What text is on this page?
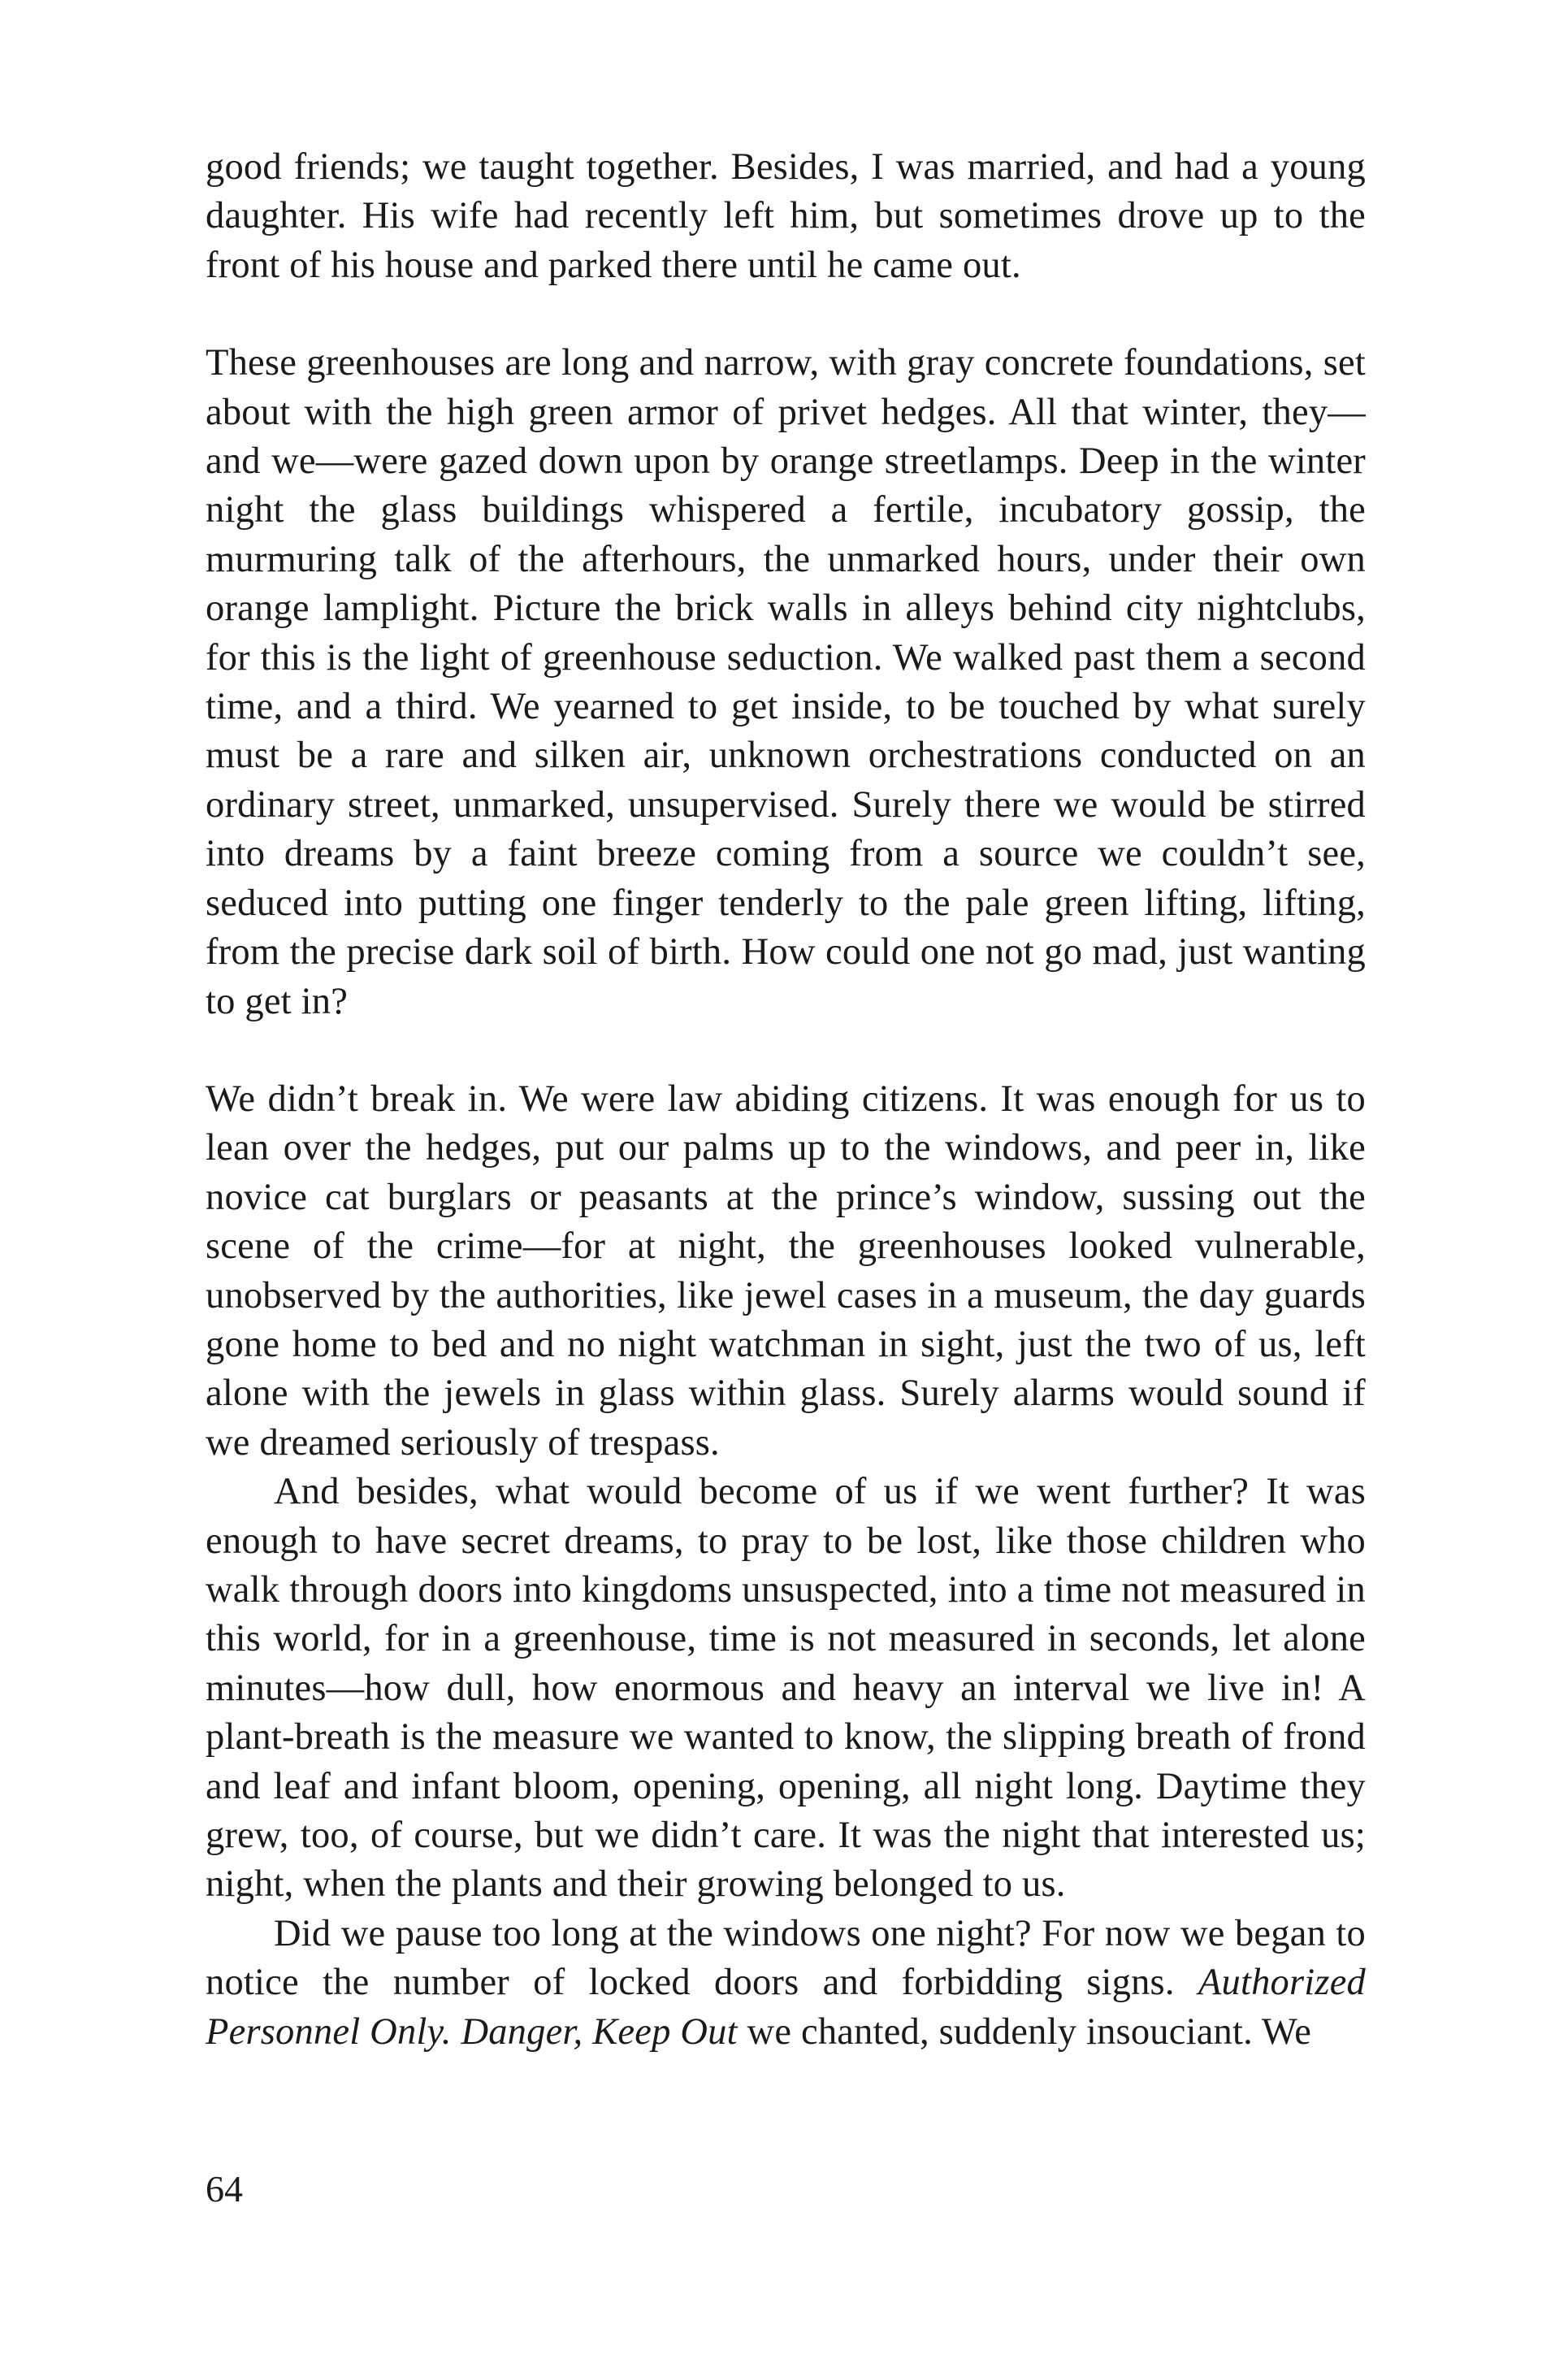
good friends; we taught together. Besides, I was married, and had a young daughter. His wife had recently left him, but sometimes drove up to the front of his house and parked there until he came out.

These greenhouses are long and narrow, with gray concrete foundations, set about with the high green armor of privet hedges. All that winter, they—and we—were gazed down upon by orange streetlamps. Deep in the winter night the glass buildings whispered a fertile, incubatory gossip, the murmuring talk of the afterhours, the unmarked hours, under their own orange lamplight. Picture the brick walls in alleys behind city nightclubs, for this is the light of greenhouse seduction. We walked past them a second time, and a third. We yearned to get inside, to be touched by what surely must be a rare and silken air, unknown orchestrations conducted on an ordinary street, unmarked, unsupervised. Surely there we would be stirred into dreams by a faint breeze coming from a source we couldn’t see, seduced into putting one finger tenderly to the pale green lifting, lifting, from the precise dark soil of birth. How could one not go mad, just wanting to get in?

We didn’t break in. We were law abiding citizens. It was enough for us to lean over the hedges, put our palms up to the windows, and peer in, like novice cat burglars or peasants at the prince’s window, sussing out the scene of the crime—for at night, the greenhouses looked vulnerable, unobserved by the authorities, like jewel cases in a museum, the day guards gone home to bed and no night watchman in sight, just the two of us, left alone with the jewels in glass within glass. Surely alarms would sound if we dreamed seriously of trespass.

And besides, what would become of us if we went further? It was enough to have secret dreams, to pray to be lost, like those children who walk through doors into kingdoms unsuspected, into a time not measured in this world, for in a greenhouse, time is not measured in seconds, let alone minutes—how dull, how enormous and heavy an interval we live in! A plant-breath is the measure we wanted to know, the slipping breath of frond and leaf and infant bloom, opening, opening, all night long. Daytime they grew, too, of course, but we didn’t care. It was the night that interested us; night, when the plants and their growing belonged to us.

Did we pause too long at the windows one night? For now we began to notice the number of locked doors and forbidding signs. Authorized Personnel Only. Danger, Keep Out we chanted, suddenly insouciant. We

64
